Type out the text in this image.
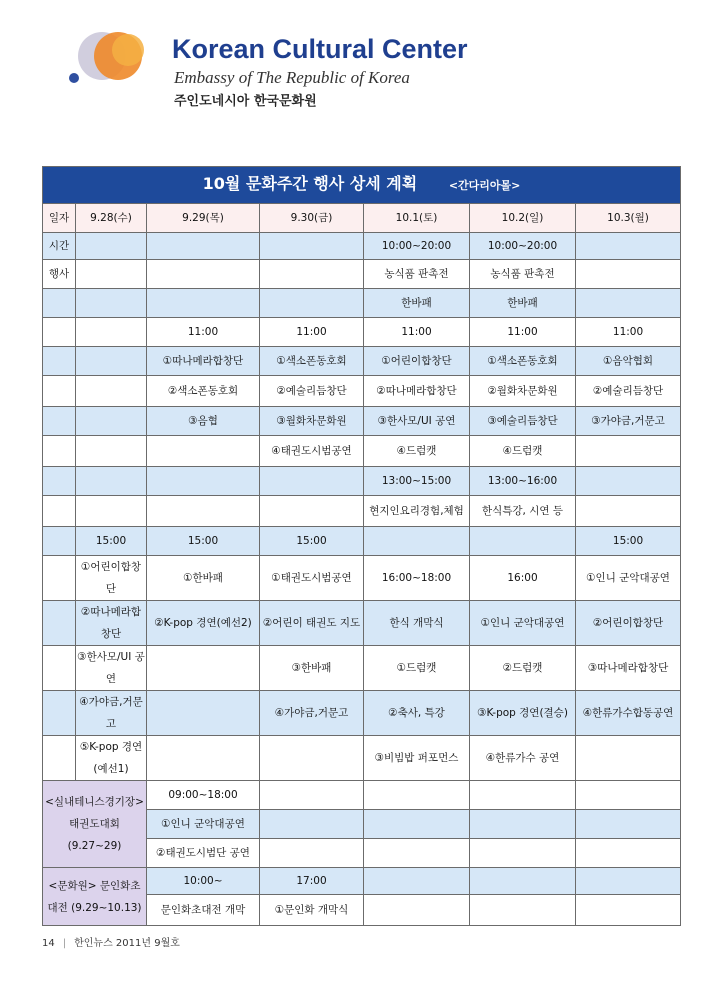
Korean Cultural Center
Embassy of The Republic of Korea
주인도네시아 한국문화원
10월 문화주간 행사 상세 계획 <간다리아몰>						
일자	9.28(수)	9.29(목)	9.30(금)	10.1(토)	10.2(일)	10.3(월)
시간				10:00~20:00	10:00~20:00	
행사				농식품 판촉전	농식품 판촉전	
				한바패	한바패	
		11:00	11:00	11:00	11:00	11:00
		①따나메라합창단	①색소폰동호회	①어린이합창단	①색소폰동호회	①음악협회
		②색소폰동호회	②예술리듬창단	②따나메라합창단	②월화차문화원	②예술리듬창단
		③음협	③월화차문화원	③한사모/UI 공연	③예술리듬창단	③가야금,거문고
			④태권도시범공연	④드럼캣	④드럼캣	
				13:00~15:00	13:00~16:00	
				현지인요리경험,체험	한식특강, 시연 등	
	15:00	15:00	15:00			15:00
	①어린이합창단	①한바패	①태권도시범공연	16:00~18:00	16:00	①인니 군악대공연
	②따나메라합창단	②K-pop 경연(예선2)	②어린이 태권도 지도	한식 개막식	①인니 군악대공연	②어린이합창단
	③한사모/UI 공연		③한바패	①드럼캣	②드럼캣	③따나메라합창단
	④가야금,거문고		④가야금,거문고	②축사, 특강	③K-pop 경연(결승)	④한류가수합동공연
	⑤K-pop 경연(예선1)			③비빔밥 퍼포먼스	④한류가수 공연	
<실내테니스경기장> 태권도대회(9.27~29)		09:00~18:00				
		①인니 군악대공연				
		②태권도시범단 공연				
<문화원> 문인화초대전 (9.29~10.13)		10:00~	17:00			
		문인화초대전 개막	①문인화 개막식			
14 | 한인뉴스 2011년 9월호
